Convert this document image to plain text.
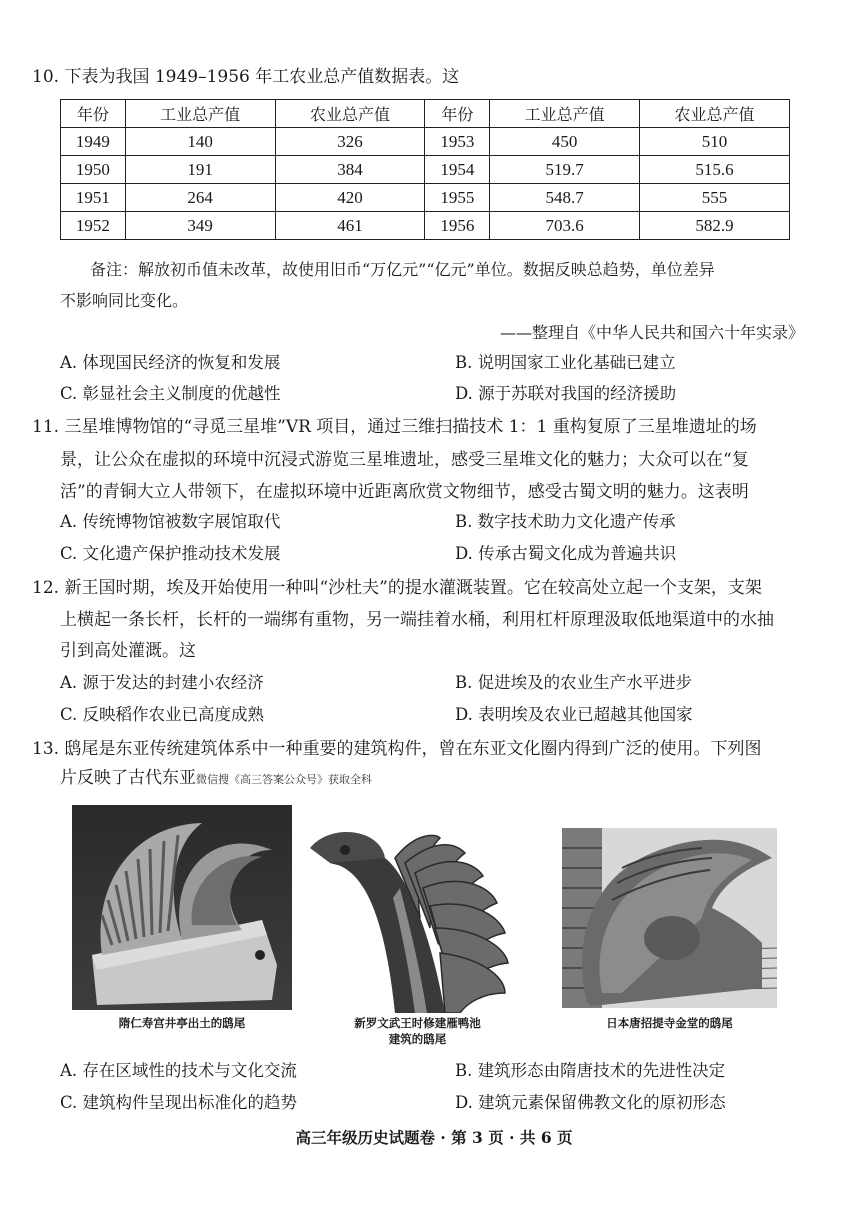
10. 下表为我国 1949–1956 年工农业总产值数据表。这
年份	工业总产值	农业总产值	年份	工业总产值	农业总产值
1949	140	326	1953	450	510
1950	191	384	1954	519.7	515.6
1951	264	420	1955	548.7	555
1952	349	461	1956	703.6	582.9
备注：解放初币值未改革，故使用旧币“万亿元”“亿元”单位。数据反映总趋势，单位差异
不影响同比变化。
——整理自《中华人民共和国六十年实录》
A. 体现国民经济的恢复和发展	B. 说明国家工业化基础已建立
C. 彰显社会主义制度的优越性	D. 源于苏联对我国的经济援助
11. 三星堆博物馆的“寻觅三星堆”VR 项目，通过三维扫描技术 1：1 重构复原了三星堆遗址的场
景，让公众在虚拟的环境中沉浸式游览三星堆遗址，感受三星堆文化的魅力；大众可以在“复
活”的青铜大立人带领下，在虚拟环境中近距离欣赏文物细节，感受古蜀文明的魅力。这表明
A. 传统博物馆被数字展馆取代	B. 数字技术助力文化遗产传承
C. 文化遗产保护推动技术发展	D. 传承古蜀文化成为普遍共识
12. 新王国时期，埃及开始使用一种叫“沙杜夫”的提水灌溉装置。它在较高处立起一个支架，支架
上横起一条长杆，长杆的一端绑有重物，另一端挂着水桶，利用杠杆原理汲取低地渠道中的水抽
引到高处灌溉。这
A. 源于发达的封建小农经济	B. 促进埃及的农业生产水平进步
C. 反映稻作农业已高度成熟	D. 表明埃及农业已超越其他国家
13. 鸱尾是东亚传统建筑体系中一种重要的建筑构件，曾在东亚文化圈内得到广泛的使用。下列图
片反映了古代东亚微信搜《高三答案公众号》获取全科
隋仁寿宫井亭出土的鸱尾	新罗文武王时修建雁鸭池
建筑的鸱尾
日本唐招提寺金堂的鸱尾
A. 存在区域性的技术与文化交流	B. 建筑形态由隋唐技术的先进性决定
C. 建筑构件呈现出标准化的趋势	D. 建筑元素保留佛教文化的原初形态
高三年级历史试题卷 · 第 3 页 · 共 6 页
